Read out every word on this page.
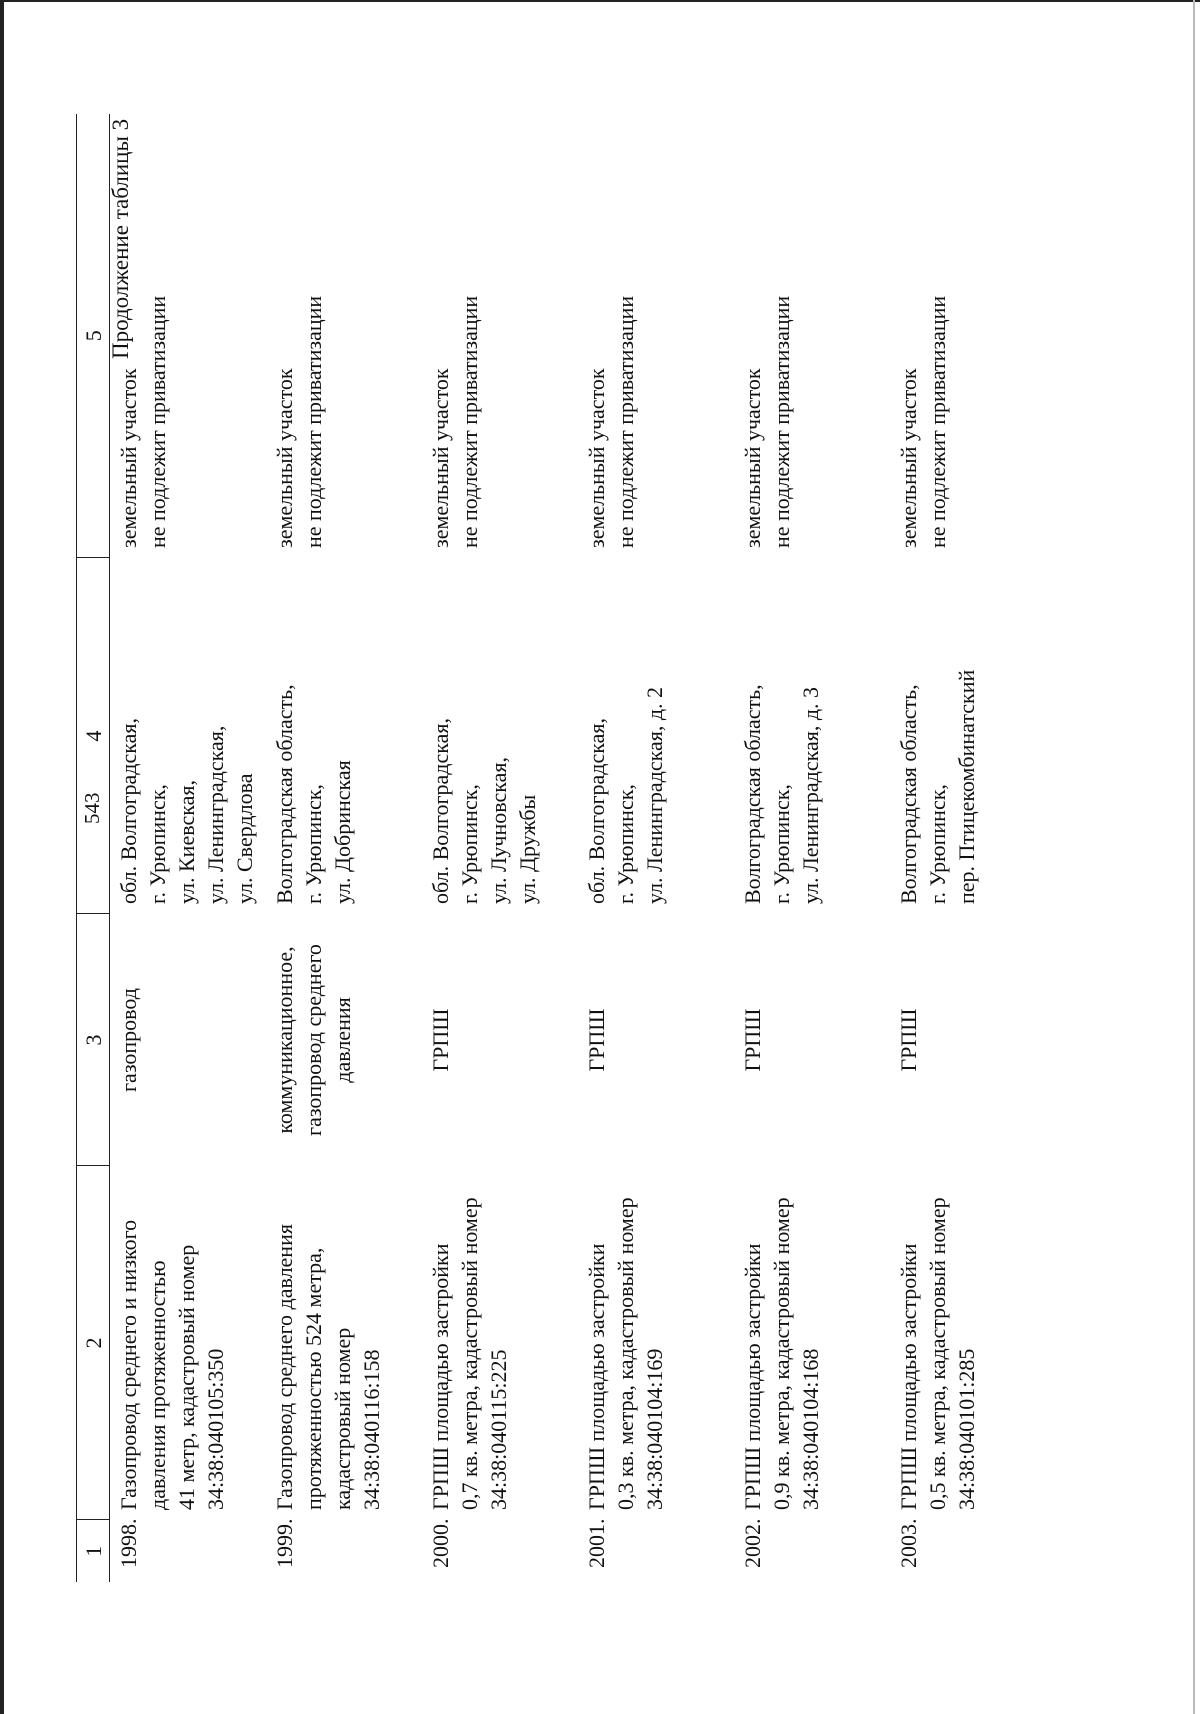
543
Продолжение таблицы 3
1	2	3	4	5
1998.	Газопровод среднего и низкого
давления протяженностью
41 метр, кадастровый номер
34:38:040105:350	газопровод	обл. Волгоградская,
г. Урюпинск,
ул. Киевская,
ул. Ленинградская,
ул. Свердлова	земельный участок
не подлежит приватизации

1999.	Газопровод среднего давления
протяженностью 524 метра,
кадастровый номер
34:38:040116:158	коммуникационное,
газопровод среднего
давления	Волгоградская область,
г. Урюпинск,
ул. Добринская	земельный участок
не подлежит приватизации

2000.	ГРПШ площадью застройки
0,7 кв. метра, кадастровый номер
34:38:040115:225	ГРПШ	обл. Волгоградская,
г. Урюпинск,
ул. Лучновская,
ул. Дружбы	земельный участок
не подлежит приватизации

2001.	ГРПШ площадью застройки
0,3 кв. метра, кадастровый номер
34:38:040104:169	ГРПШ	обл. Волгоградская,
г. Урюпинск,
ул. Ленинградская, д. 2	земельный участок
не подлежит приватизации

2002.	ГРПШ площадью застройки
0,9 кв. метра, кадастровый номер
34:38:040104:168	ГРПШ	Волгоградская область,
г. Урюпинск,
ул. Ленинградская, д. 3	земельный участок
не подлежит приватизации

2003.	ГРПШ площадью застройки
0,5 кв. метра, кадастровый номер
34:38:040101:285	ГРПШ	Волгоградская область,
г. Урюпинск,
пер. Птицекомбинатский	земельный участок
не подлежит приватизации
